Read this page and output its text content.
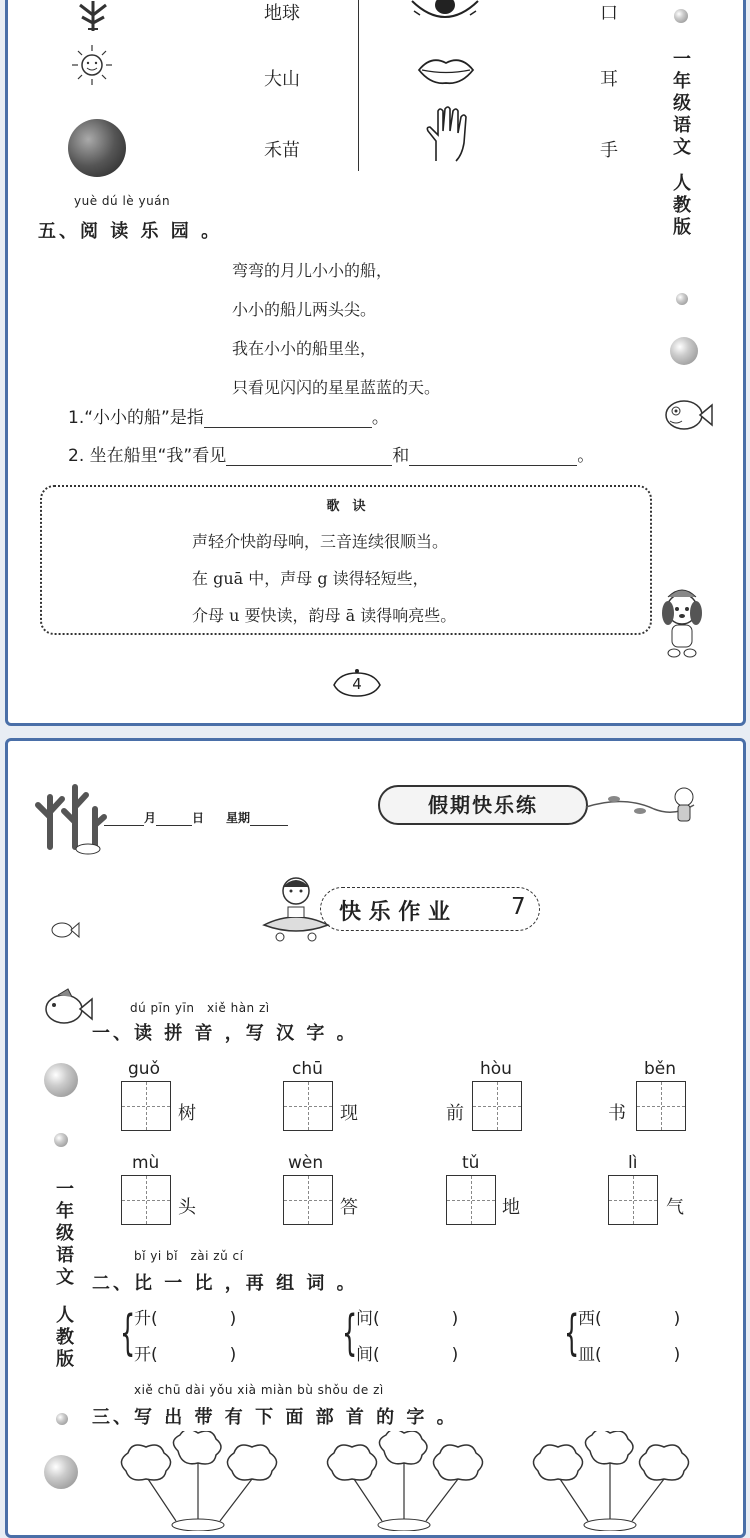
地球
大山
禾苗
口
耳
手
yuè dú lè yuán
五、阅 读 乐 园 。
弯弯的月儿小小的船，
小小的船儿两头尖。
我在小小的船里坐，
只看见闪闪的星星蓝蓝的天。
1.“小小的船”是指	。
2. 坐在船里“我”看见	和	。
歌　诀
声轻介快韵母响，三音连续很顺当。
在 guā 中，声母 g 读得轻短些，
介母 u 要快读，韵母 ā 读得响亮些。
4
一
年
级
语
文
人
教
版
月	日 星期
假期快乐练
快 乐 作 业	7
一
年
级
语
文
人
教
版
dú pīn yīn　xiě hàn zì
一、读 拼 音 ，写 汉 字 。
guǒ
树
chū
现
hòu
前
běn
书
mù
头
wèn
答
tǔ
地
lì
气
bǐ yi bǐ　zài zǔ cí
二、比 一 比 ，再 组 词 。
{
升(	)
开(	) {
问(	)
间(	) {
西(	)
皿(	)
xiě chū dài yǒu xià miàn bù shǒu de zì
三、写 出 带 有 下 面 部 首 的 字 。
